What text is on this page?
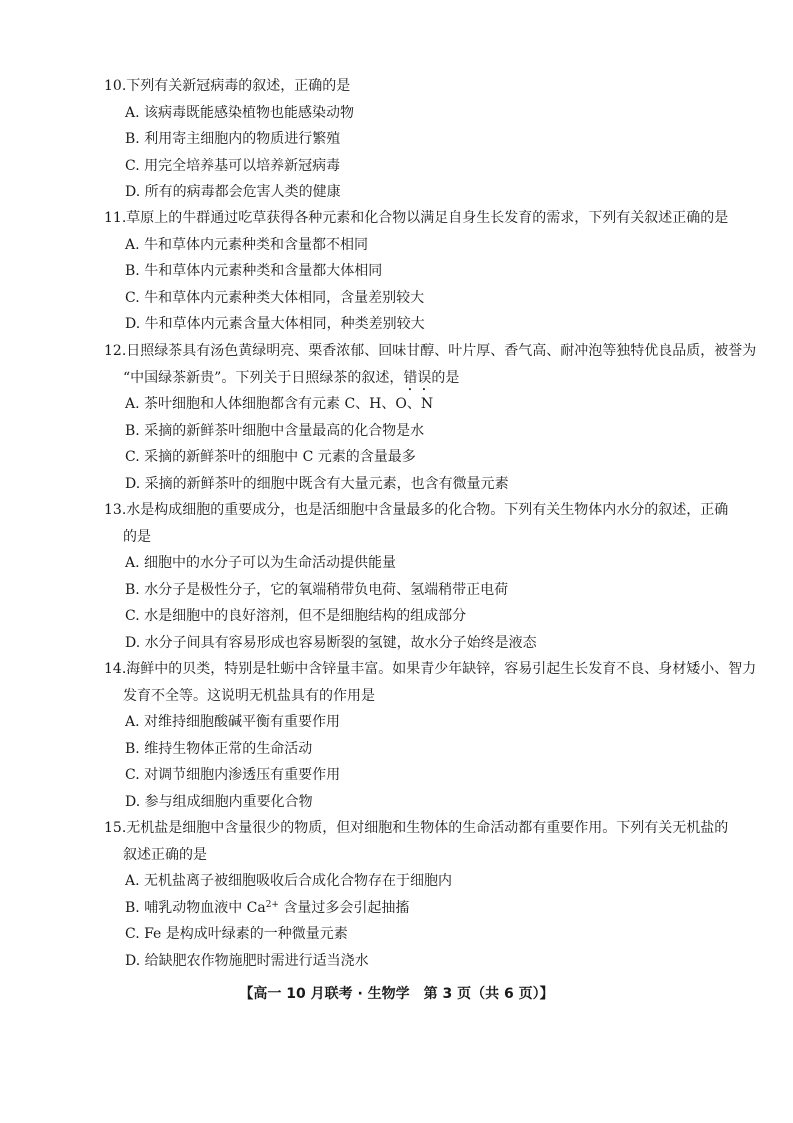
10.下列有关新冠病毒的叙述，正确的是
A. 该病毒既能感染植物也能感染动物
B. 利用寄主细胞内的物质进行繁殖
C. 用完全培养基可以培养新冠病毒
D. 所有的病毒都会危害人类的健康
11.草原上的牛群通过吃草获得各种元素和化合物以满足自身生长发育的需求，下列有关叙述正确的是
A. 牛和草体内元素种类和含量都不相同
B. 牛和草体内元素种类和含量都大体相同
C. 牛和草体内元素种类大体相同，含量差别较大
D. 牛和草体内元素含量大体相同，种类差别较大
12.日照绿茶具有汤色黄绿明亮、栗香浓郁、回味甘醇、叶片厚、香气高、耐冲泡等独特优良品质，被誉为
“中国绿茶新贵”。下列关于日照绿茶的叙述，错误的是
A. 茶叶细胞和人体细胞都含有元素 C、H、O、N
B. 采摘的新鲜茶叶细胞中含量最高的化合物是水
C. 采摘的新鲜茶叶的细胞中 C 元素的含量最多
D. 采摘的新鲜茶叶的细胞中既含有大量元素，也含有微量元素
13.水是构成细胞的重要成分，也是活细胞中含量最多的化合物。下列有关生物体内水分的叙述，正确
的是
A. 细胞中的水分子可以为生命活动提供能量
B. 水分子是极性分子，它的氧端稍带负电荷、氢端稍带正电荷
C. 水是细胞中的良好溶剂，但不是细胞结构的组成部分
D. 水分子间具有容易形成也容易断裂的氢键，故水分子始终是液态
14.海鲜中的贝类，特别是牡蛎中含锌量丰富。如果青少年缺锌，容易引起生长发育不良、身材矮小、智力
发育不全等。这说明无机盐具有的作用是
A. 对维持细胞酸碱平衡有重要作用
B. 维持生物体正常的生命活动
C. 对调节细胞内渗透压有重要作用
D. 参与组成细胞内重要化合物
15.无机盐是细胞中含量很少的物质，但对细胞和生物体的生命活动都有重要作用。下列有关无机盐的
叙述正确的是
A. 无机盐离子被细胞吸收后合成化合物存在于细胞内
B. 哺乳动物血液中 $Ca^{2+}$ 含量过多会引起抽搐
C. Fe 是构成叶绿素的一种微量元素
D. 给缺肥农作物施肥时需进行适当浇水
【高一 10 月联考 · 生物学　第 3 页（共 6 页）】
